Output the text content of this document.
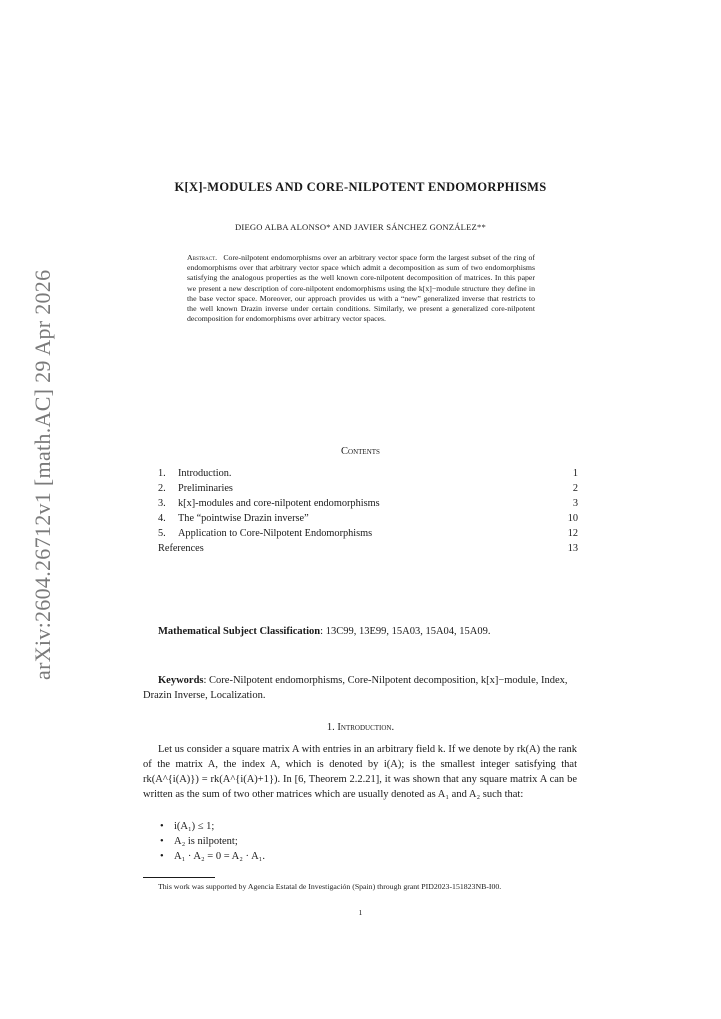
arXiv:2604.26712v1 [math.AC] 29 Apr 2026
K[X]-MODULES AND CORE-NILPOTENT ENDOMORPHISMS
DIEGO ALBA ALONSO* AND JAVIER SÁNCHEZ GONZÁLEZ**
Abstract. Core-nilpotent endomorphisms over an arbitrary vector space form the largest subset of the ring of endomorphisms over that arbitrary vector space which admit a decomposition as sum of two endomorphisms satisfying the analogous properties as the well known core-nilpotent decomposition of matrices. In this paper we present a new description of core-nilpotent endomorphisms using the k[x]−module structure they define in the base vector space. Moreover, our approach provides us with a “new” generalized inverse that restricts to the well known Drazin inverse under certain conditions. Similarly, we present a generalized core-nilpotent decomposition for endomorphisms over arbitrary vector spaces.
Contents
1.	Introduction.	1
2.	Preliminaries	2
3.	k[x]-modules and core-nilpotent endomorphisms	3
4.	The “pointwise Drazin inverse”	10
5.	Application to Core-Nilpotent Endomorphisms	12
References	13
Mathematical Subject Classification: 13C99, 13E99, 15A03, 15A04, 15A09.
Keywords: Core-Nilpotent endomorphisms, Core-Nilpotent decomposition, k[x]−module, Index, Drazin Inverse, Localization.
1. Introduction.
Let us consider a square matrix A with entries in an arbitrary field k. If we denote by rk(A) the rank of the matrix A, the index A, which is denoted by i(A); is the smallest integer satisfying that rk(A^{i(A)}) = rk(A^{i(A)+1}). In [6, Theorem 2.2.21], it was shown that any square matrix A can be written as the sum of two other matrices which are usually denoted as A₁ and A₂ such that:
• i(A₁) ≤ 1;
• A₂ is nilpotent;
• A₁ · A₂ = 0 = A₂ · A₁.
This work was supported by Agencia Estatal de Investigación (Spain) through grant PID2023-151823NB-I00.
1
